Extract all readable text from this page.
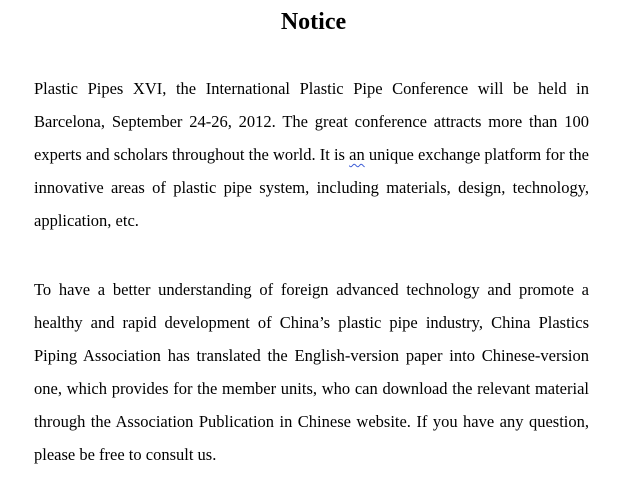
Notice

Plastic Pipes XVI, the International Plastic Pipe Conference will be held in Barcelona, September 24-26, 2012. The great conference attracts more than 100 experts and scholars throughout the world. It is an unique exchange platform for the innovative areas of plastic pipe system, including materials, design, technology, application, etc.

To have a better understanding of foreign advanced technology and promote a healthy and rapid development of China’s plastic pipe industry, China Plastics Piping Association has translated the English-version paper into Chinese-version one, which provides for the member units, who can download the relevant material through the Association Publication in Chinese website. If you have any question, please be free to consult us.
